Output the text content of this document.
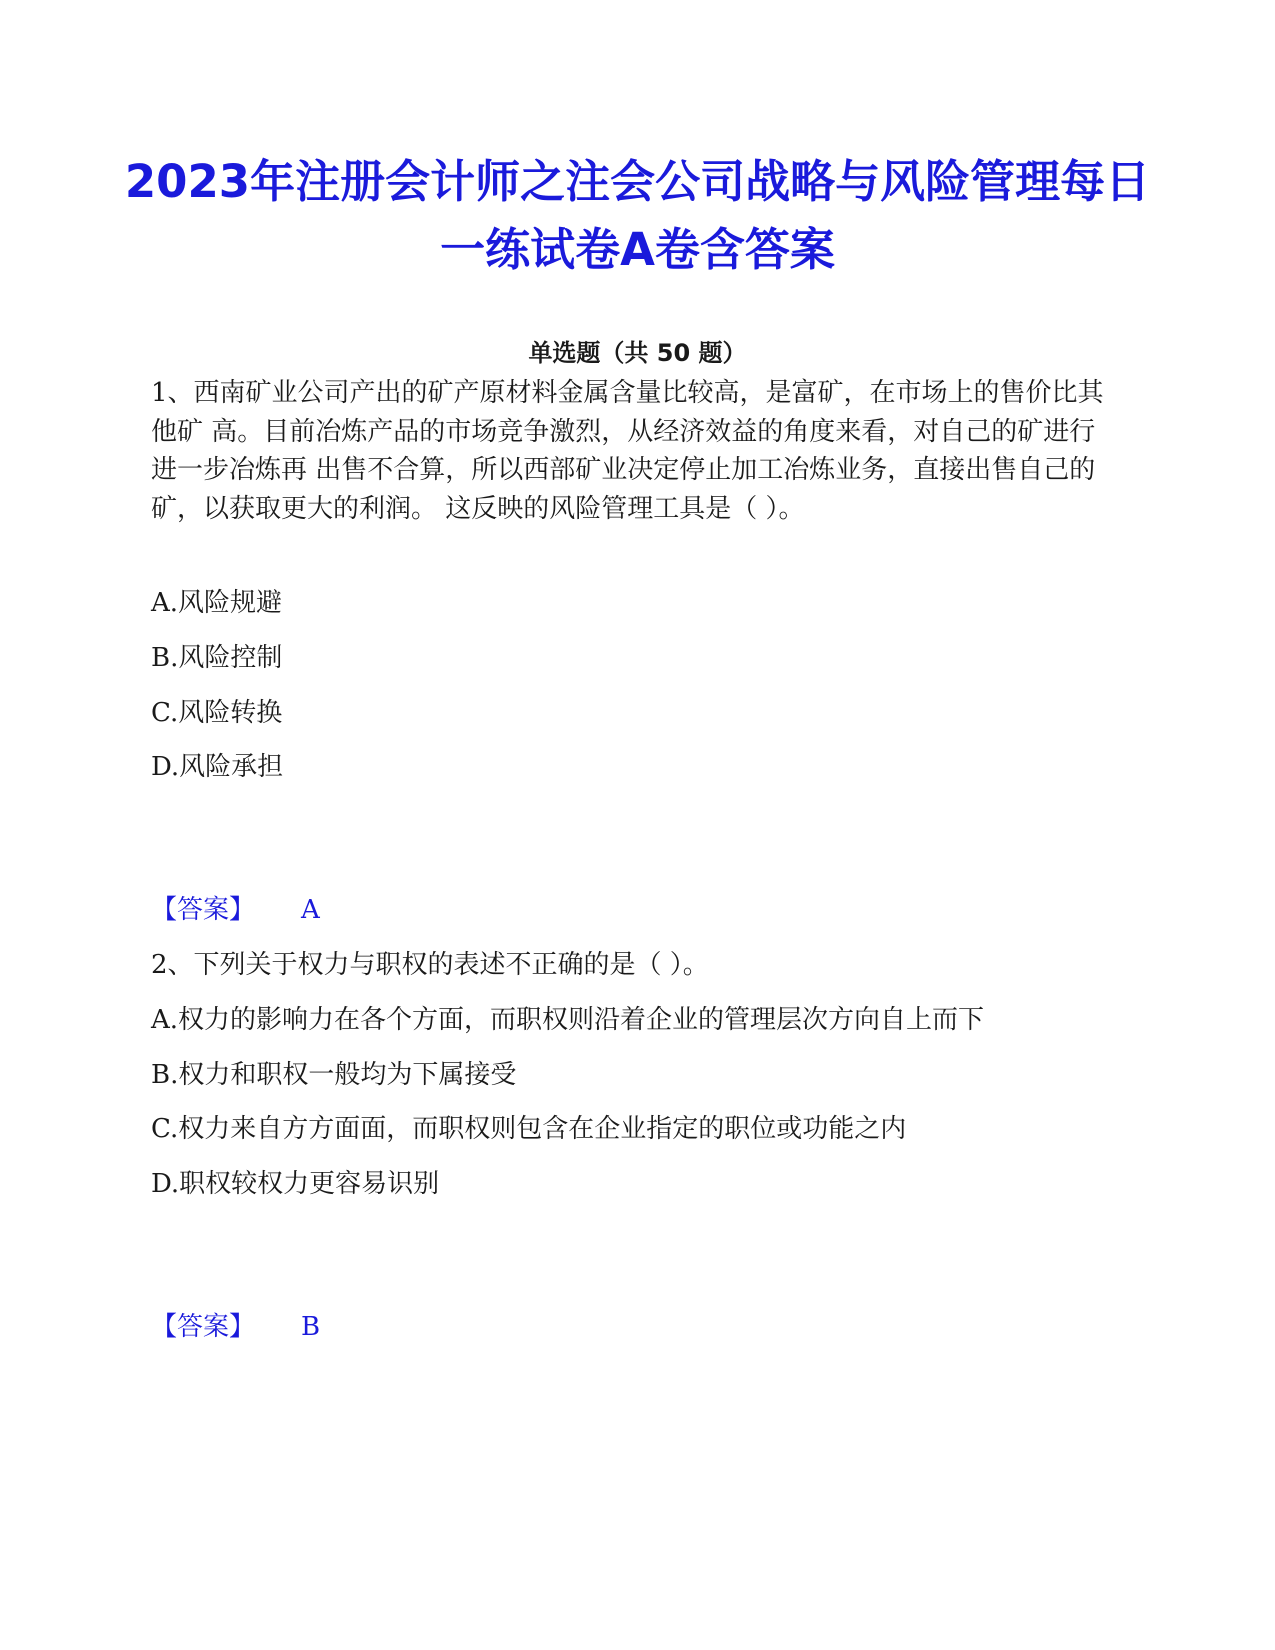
2023年注册会计师之注会公司战略与风险管理每日一练试卷A卷含答案
单选题（共 50 题）

1、西南矿业公司产出的矿产原材料金属含量比较高，是富矿，在市场上的售价比其他矿 高。目前冶炼产品的市场竞争激烈，从经济效益的角度来看，对自己的矿进行进一步冶炼再 出售不合算，所以西部矿业决定停止加工冶炼业务，直接出售自己的矿，以获取更大的利润。 这反映的风险管理工具是（ ）。

A.风险规避

B.风险控制

C.风险转换

D.风险承担

【答案】 A

2、下列关于权力与职权的表述不正确的是（ ）。

A.权力的影响力在各个方面，而职权则沿着企业的管理层次方向自上而下

B.权力和职权一般均为下属接受

C.权力来自方方面面，而职权则包含在企业指定的职位或功能之内

D.职权较权力更容易识别

【答案】 B
